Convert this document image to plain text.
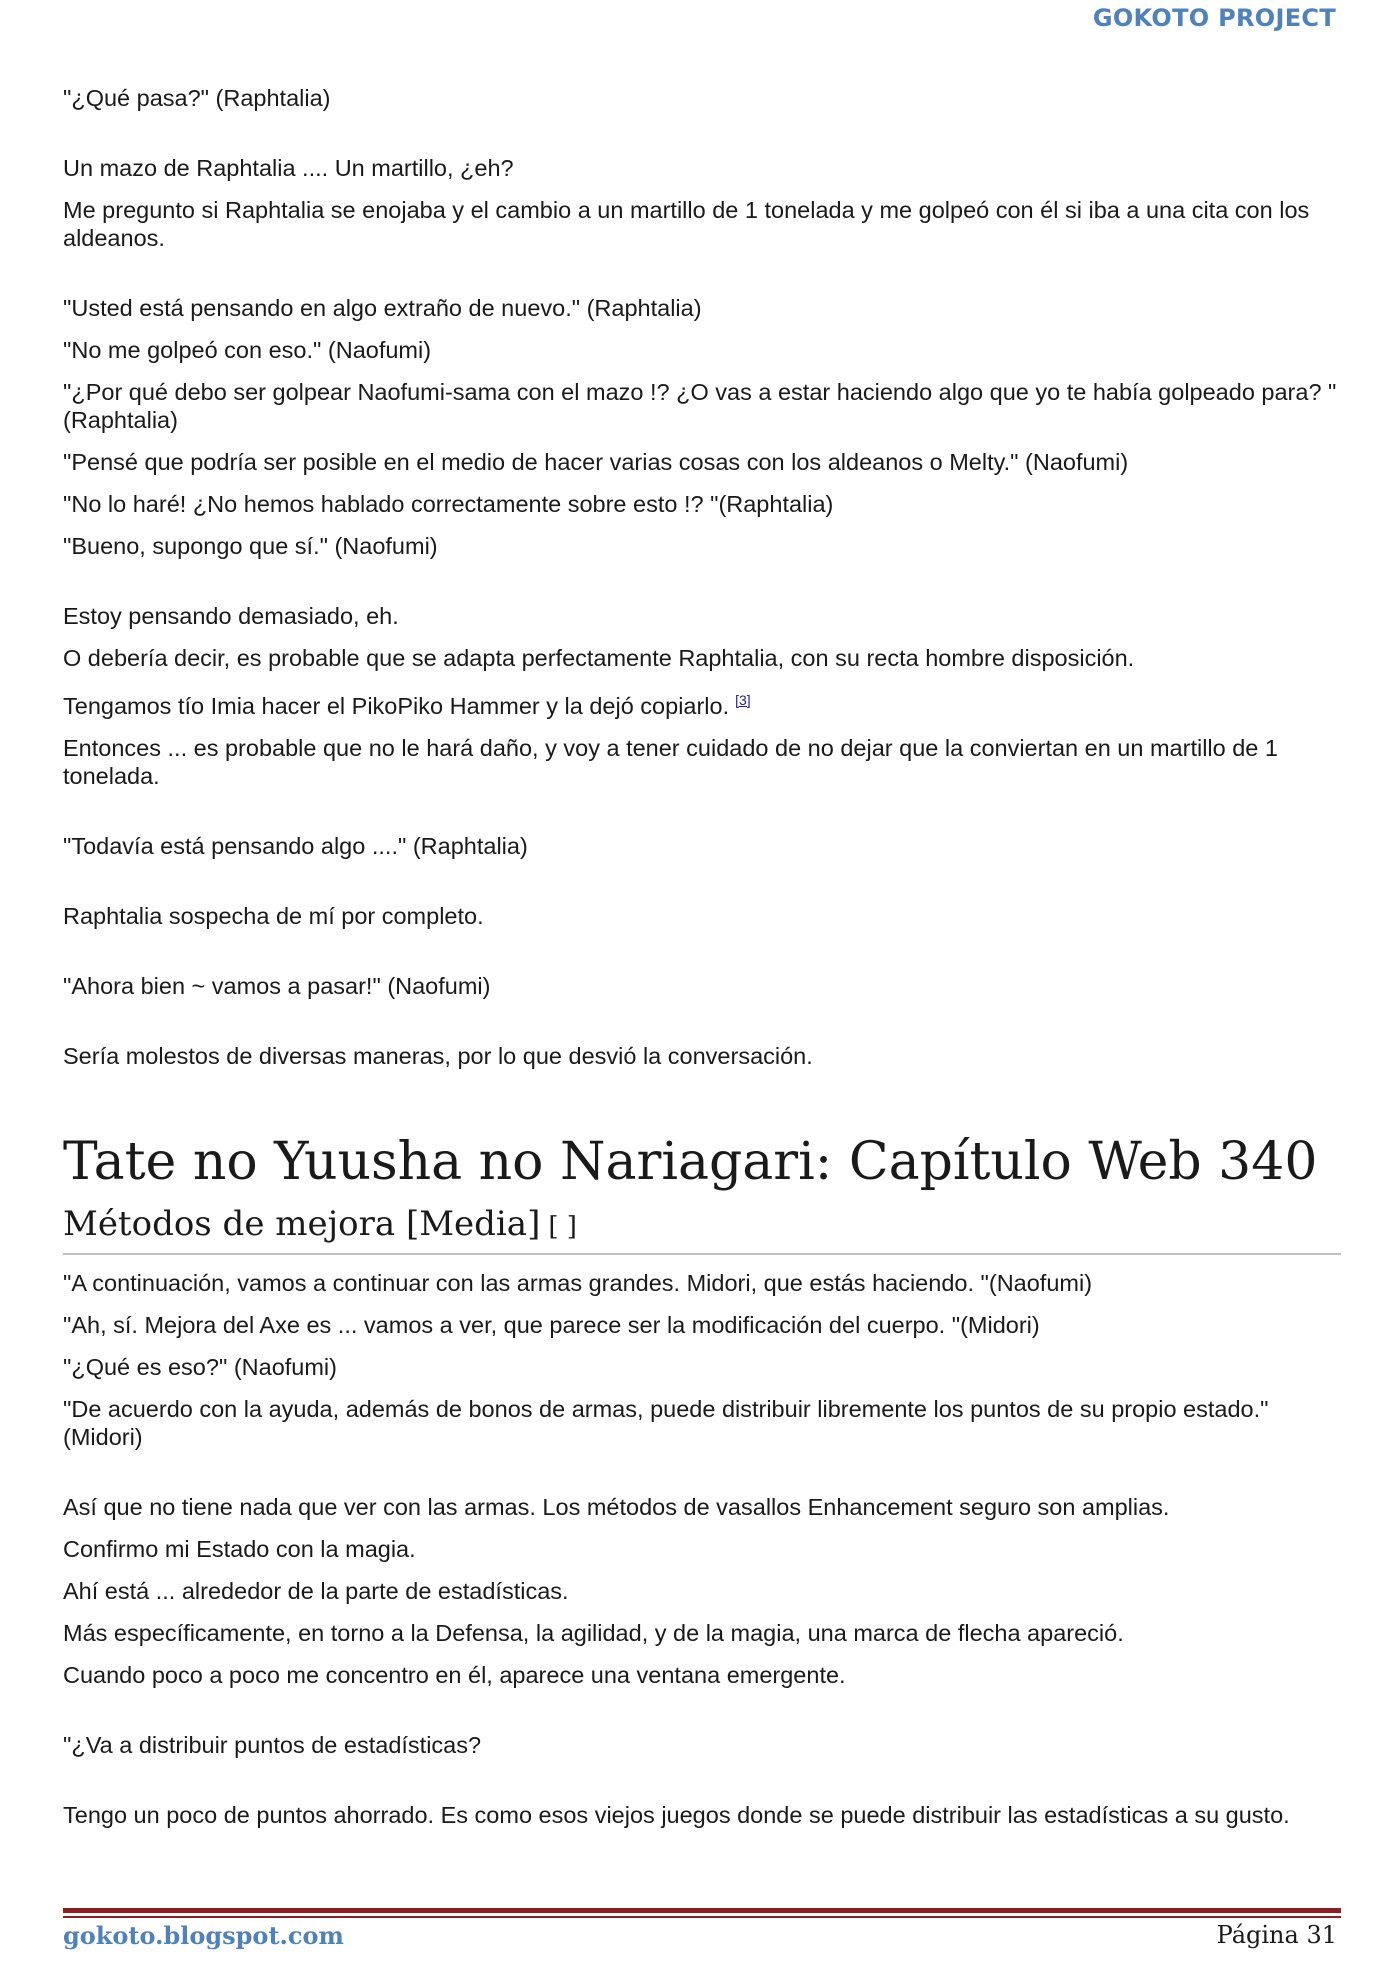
GOKOTO PROJECT

"¿Qué pasa?" (Raphtalia)

Un mazo de Raphtalia .... Un martillo, ¿eh?

Me pregunto si Raphtalia se enojaba y el cambio a un martillo de 1 tonelada y me golpeó con él si iba a una cita con los aldeanos.

"Usted está pensando en algo extraño de nuevo." (Raphtalia)

"No me golpeó con eso." (Naofumi)

"¿Por qué debo ser golpear Naofumi-sama con el mazo !? ¿O vas a estar haciendo algo que yo te había golpeado para? "(Raphtalia)

"Pensé que podría ser posible en el medio de hacer varias cosas con los aldeanos o Melty." (Naofumi)

"No lo haré! ¿No hemos hablado correctamente sobre esto !? "(Raphtalia)

"Bueno, supongo que sí." (Naofumi)

Estoy pensando demasiado, eh.

O debería decir, es probable que se adapta perfectamente Raphtalia, con su recta hombre disposición.

Tengamos tío Imia hacer el PikoPiko Hammer y la dejó copiarlo. [3]

Entonces ... es probable que no le hará daño, y voy a tener cuidado de no dejar que la conviertan en un martillo de 1 tonelada.

"Todavía está pensando algo ...." (Raphtalia)

Raphtalia sospecha de mí por completo.

"Ahora bien ~ vamos a pasar!" (Naofumi)

Sería molestos de diversas maneras, por lo que desvió la conversación.

Tate no Yuusha no Nariagari: Capítulo Web 340
Métodos de mejora [Media] [ ]

"A continuación, vamos a continuar con las armas grandes. Midori, que estás haciendo. "(Naofumi)

"Ah, sí. Mejora del Axe es ... vamos a ver, que parece ser la modificación del cuerpo. "(Midori)

"¿Qué es eso?" (Naofumi)

"De acuerdo con la ayuda, además de bonos de armas, puede distribuir libremente los puntos de su propio estado." (Midori)

Así que no tiene nada que ver con las armas. Los métodos de vasallos Enhancement seguro son amplias.

Confirmo mi Estado con la magia.

Ahí está ... alrededor de la parte de estadísticas.

Más específicamente, en torno a la Defensa, la agilidad, y de la magia, una marca de flecha apareció.

Cuando poco a poco me concentro en él, aparece una ventana emergente.

"¿Va a distribuir puntos de estadísticas?

Tengo un poco de puntos ahorrado. Es como esos viejos juegos donde se puede distribuir las estadísticas a su gusto.

gokoto.blogspot.com	Página 31
